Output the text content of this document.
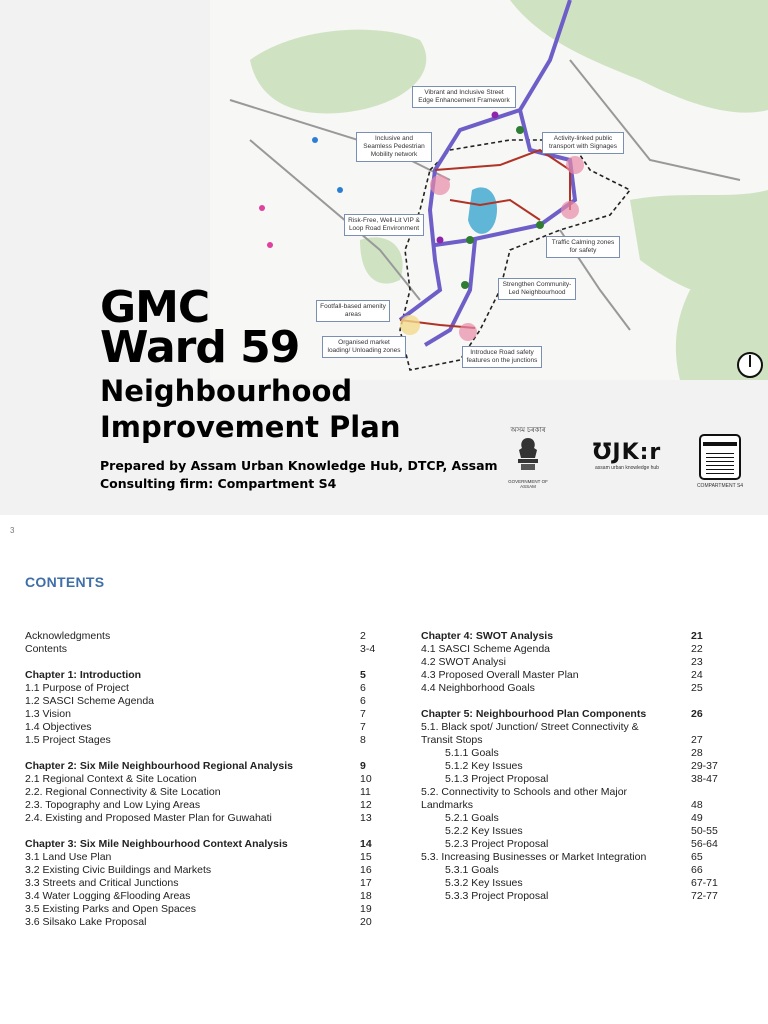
Vibrant and Inclusive Street Edge Enhancement Framework
Inclusive and Seamless Pedestrian Mobility network
Activity-linked public transport with Signages
Risk-Free, Well-Lit VIP & Loop Road Environment
Traffic Calming zones for safety
Strengthen Community-Led Neighbourhood
Footfall-based amenity areas
Organised market loading/ Unloading zones	Introduce Road safety features on the junctions
GMC
Ward 59
Neighbourhood
Improvement Plan
Prepared by Assam Urban Knowledge Hub, DTCP, Assam
Consulting firm: Compartment S4
অসম চৰকাৰ
GOVERNMENT OF ASSAM
ƱJK:r
assam urban knowledge hub
COMPARTMENT S4
3
CONTENTS
Acknowledgments	2
Contents	3-4
Chapter 1: Introduction	5
1.1 Purpose of Project	6
1.2 SASCI Scheme Agenda	6
1.3 Vision	7
1.4 Objectives	7
1.5 Project Stages	8
Chapter 2: Six Mile Neighbourhood Regional Analysis	9
2.1 Regional Context & Site Location	10
2.2. Regional Connectivity & Site Location	11
2.3. Topography and Low Lying Areas	12
2.4. Existing and Proposed Master Plan for Guwahati	13
Chapter 3: Six Mile Neighbourhood Context Analysis	14
3.1 Land Use Plan	15
3.2 Existing Civic Buildings and Markets	16
3.3 Streets and Critical Junctions	17
3.4 Water Logging &Flooding Areas	18
3.5 Existing Parks and Open Spaces	19
3.6 Silsako Lake Proposal	20
Chapter 4: SWOT Analysis	21
4.1 SASCI Scheme Agenda	22
4.2 SWOT Analysi	23
4.3 Proposed Overall Master Plan	24
4.4 Neighborhood Goals	25
Chapter 5: Neighbourhood Plan Components	26
5.1. Black spot/ Junction/ Street Connectivity &
Transit Stops	27
5.1.1 Goals	28
5.1.2 Key Issues	29-37
5.1.3 Project Proposal	38-47
5.2. Connectivity to Schools and other Major
Landmarks	48
5.2.1 Goals	49
5.2.2 Key Issues	50-55
5.2.3 Project Proposal	56-64
5.3. Increasing Businesses or Market Integration	65
5.3.1 Goals	66
5.3.2 Key Issues	67-71
5.3.3 Project Proposal	72-77
